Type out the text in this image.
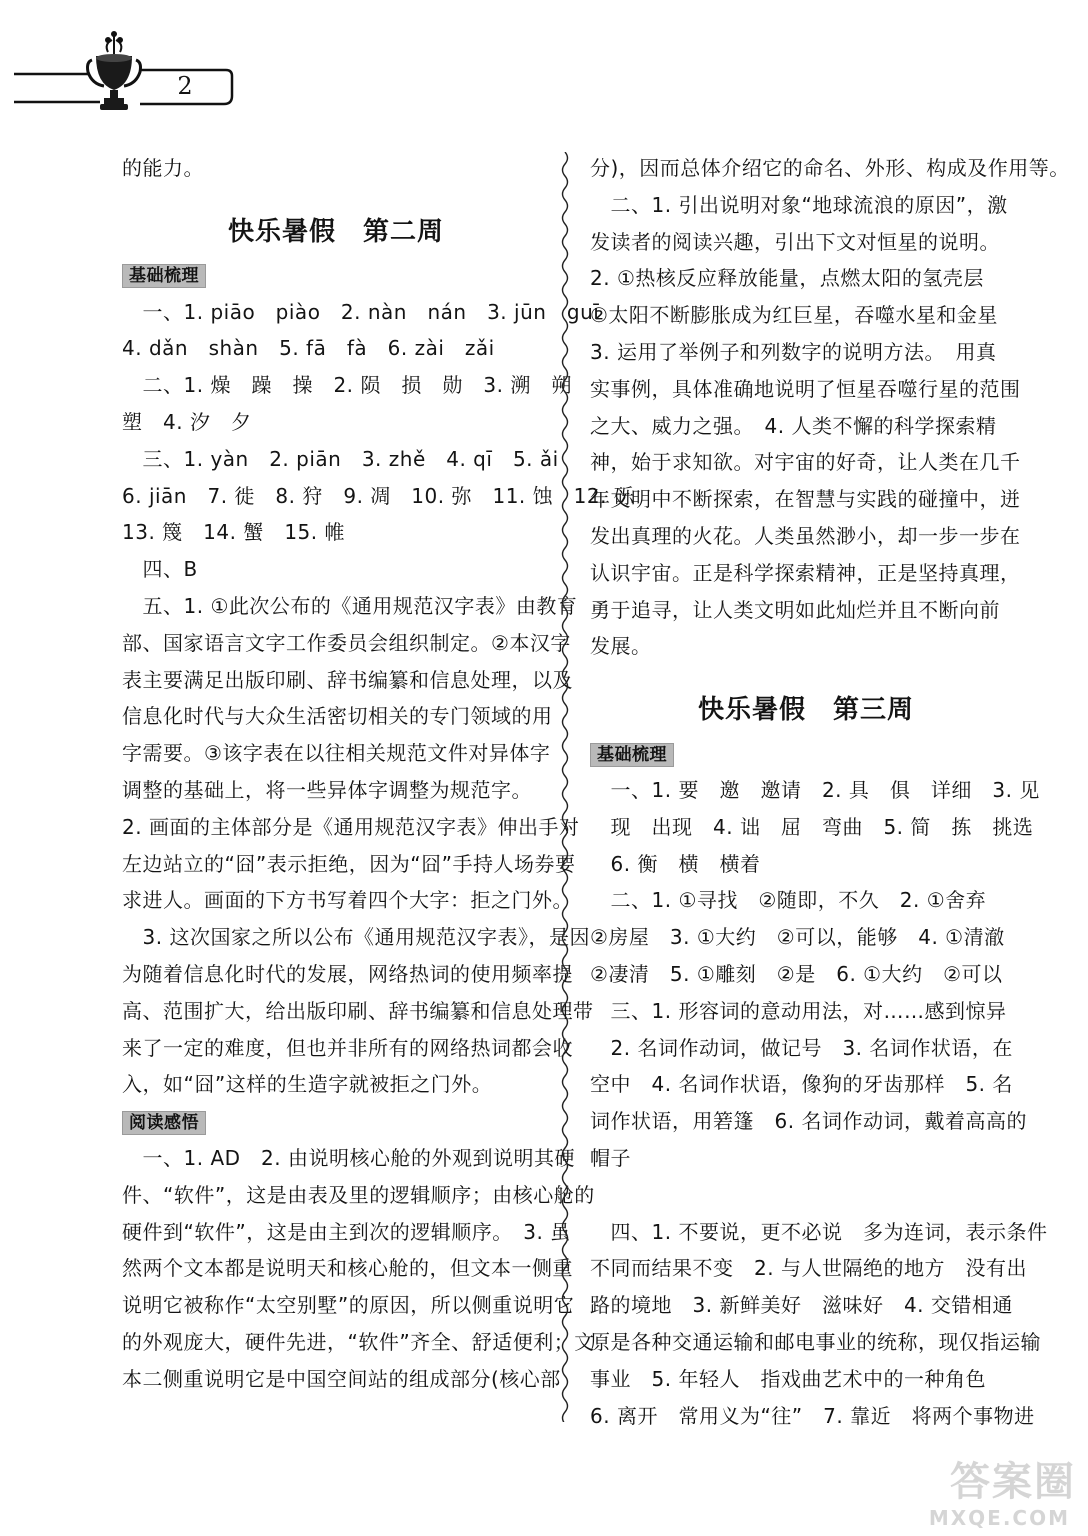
2

的能力。

快乐暑假　第二周

基础梳理

　一、1. piāo　piào　2. nàn　nán　3. jūn　guī

4. dǎn　shàn　5. fā　fà　6. zài　zǎi

　二、1. 燥　躁　操　2. 陨　损　勋　3. 溯　朔

塑　4. 汐　夕

　三、1. yàn　2. piān　3. zhě　4. qī　5. ǎi

6. jiān　7. 徙　8. 狩　9. 凋　10. 弥　11. 蚀　12. 砾

13. 篾　14. 蟹　15. 帷

　四、B

　五、1. ①此次公布的《通用规范汉字表》由教育

部、国家语言文字工作委员会组织制定。②本汉字

表主要满足出版印刷、辞书编纂和信息处理，以及

信息化时代与大众生活密切相关的专门领域的用

字需要。③该字表在以往相关规范文件对异体字

调整的基础上，将一些异体字调整为规范字。

2. 画面的主体部分是《通用规范汉字表》伸出手对

左边站立的“囧”表示拒绝，因为“囧”手持人场券要

求进人。画面的下方书写着四个大字：拒之门外。

　3. 这次国家之所以公布《通用规范汉字表》，是因

为随着信息化时代的发展，网络热词的使用频率提

高、范围扩大，给出版印刷、辞书编纂和信息处理带

来了一定的难度，但也并非所有的网络热词都会收

入，如“囧”这样的生造字就被拒之门外。

阅读感悟

　一、1. AD　2. 由说明核心舱的外观到说明其硬

件、“软件”，这是由表及里的逻辑顺序；由核心舱的

硬件到“软件”，这是由主到次的逻辑顺序。　3. 虽

然两个文本都是说明天和核心舱的，但文本一侧重

说明它被称作“太空别墅”的原因，所以侧重说明它

的外观庞大，硬件先进，“软件”齐全、舒适便利；文

本二侧重说明它是中国空间站的组成部分(核心部

分)，因而总体介绍它的命名、外形、构成及作用等。

　二、1. 引出说明对象“地球流浪的原因”，激

发读者的阅读兴趣，引出下文对恒星的说明。

2. ①热核反应释放能量，点燃太阳的氢壳层

②太阳不断膨胀成为红巨星，吞噬水星和金星

3. 运用了举例子和列数字的说明方法。　用真

实事例，具体准确地说明了恒星吞噬行星的范围

之大、威力之强。　4. 人类不懈的科学探索精

神，始于求知欲。对宇宙的好奇，让人类在几千

年文明中不断探索，在智慧与实践的碰撞中，迸

发出真理的火花。人类虽然渺小，却一步一步在

认识宇宙。正是科学探索精神，正是坚持真理，

勇于追寻，让人类文明如此灿烂并且不断向前

发展。

快乐暑假　第三周

基础梳理

　一、1. 要　邀　邀请　2. 具　俱　详细　3. 见

　现　出现　4. 诎　屈　弯曲　5. 简　拣　挑选

　6. 衡　横　横着

　二、1. ①寻找　②随即，不久　2. ①舍弃

②房屋　3. ①大约　②可以，能够　4. ①清澈

②凄清　5. ①雕刻　②是　6. ①大约　②可以

　三、1. 形容词的意动用法，对……感到惊异

　2. 名词作动词，做记号　3. 名词作状语，在

空中　4. 名词作状语，像狗的牙齿那样　5. 名

词作状语，用箬篷　6. 名词作动词，戴着高高的

帽子

　四、1. 不要说，更不必说　多为连词，表示条件

不同而结果不变　2. 与人世隔绝的地方　没有出

路的境地　3. 新鲜美好　滋味好　4. 交错相通

原是各种交通运输和邮电事业的统称，现仅指运输

事业　5. 年轻人　指戏曲艺术中的一种角色

6. 离开　常用义为“往”　7. 靠近　将两个事物进

答案圈
MXQE.COM
